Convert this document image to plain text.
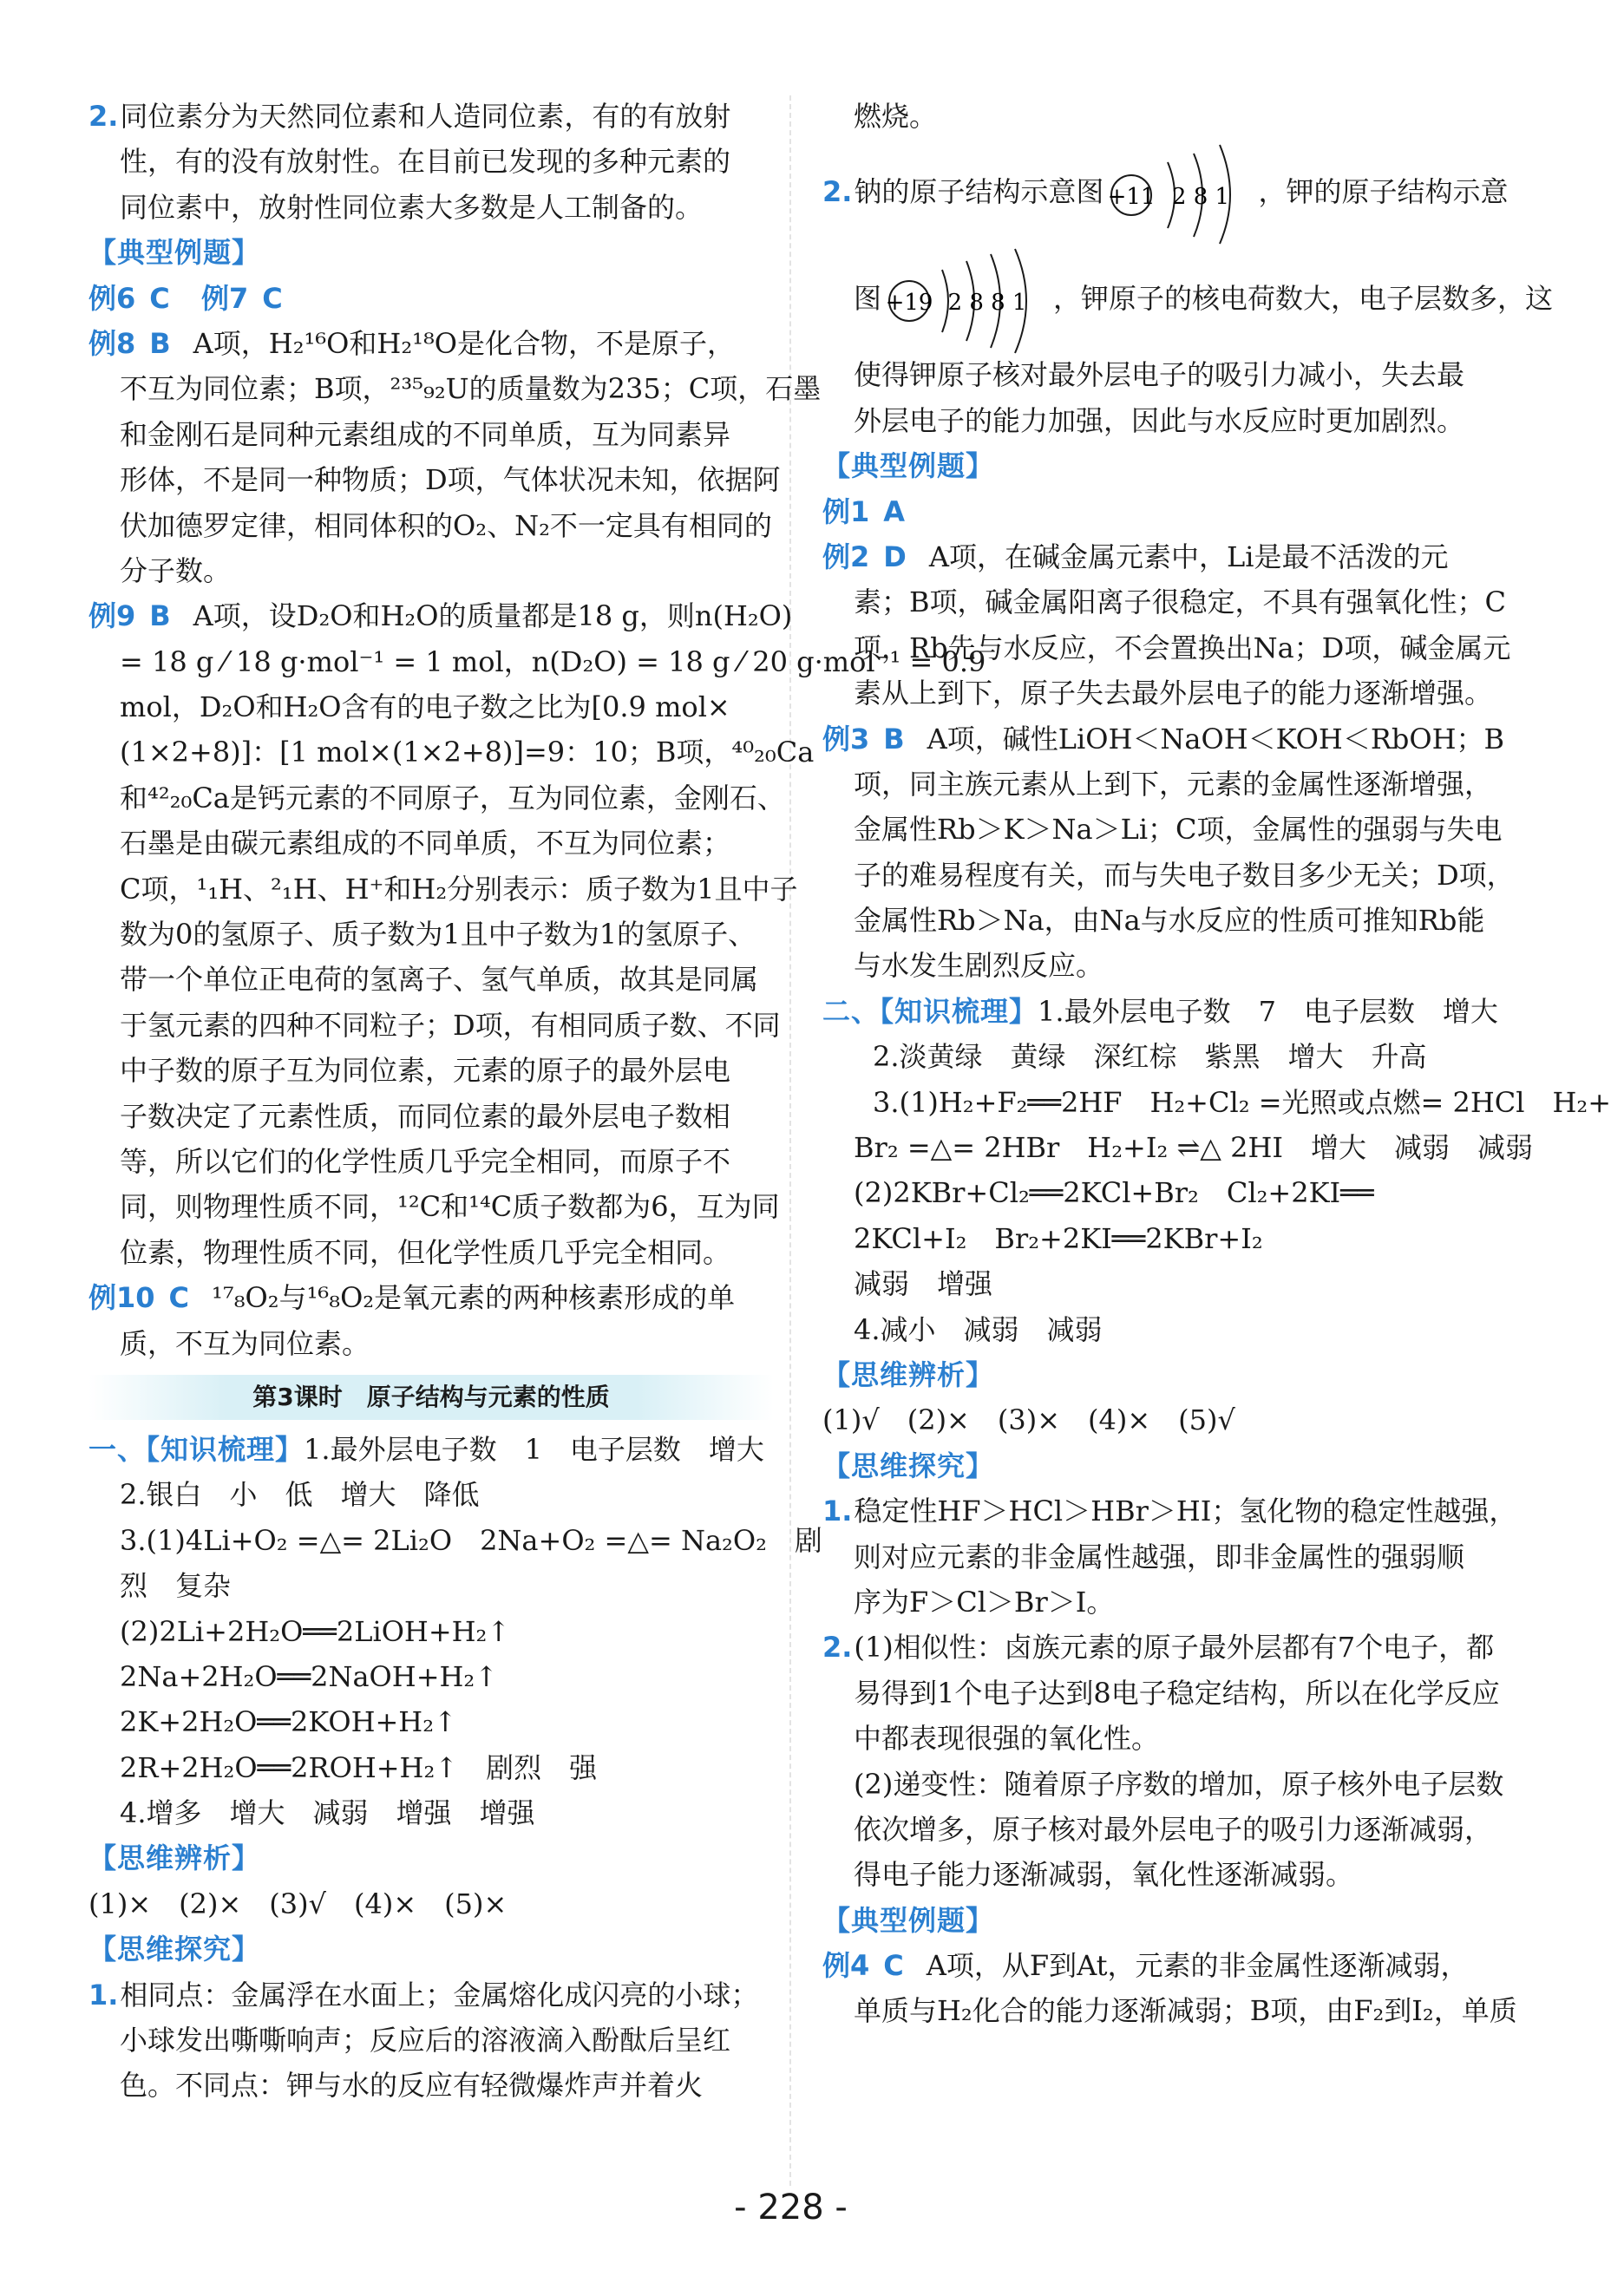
2.同位素分为天然同位素和人造同位素，有的有放射
性，有的没有放射性。在目前已发现的多种元素的
同位素中，放射性同位素大多数是人工制备的。
【典型例题】
例6 C 例7 C
例8 B A项，H₂¹⁶O和H₂¹⁸O是化合物，不是原子，
不互为同位素；B项，²³⁵₉₂U的质量数为235；C项，石墨
和金刚石是同种元素组成的不同单质，互为同素异
形体，不是同一种物质；D项，气体状况未知，依据阿
伏加德罗定律，相同体积的O₂、N₂不一定具有相同的
分子数。
例9 B A项，设D₂O和H₂O的质量都是18 g，则n(H₂O)
= 18 g ⁄ 18 g·mol⁻¹ = 1 mol，n(D₂O) = 18 g ⁄ 20 g·mol⁻¹ = 0.9
mol，D₂O和H₂O含有的电子数之比为[0.9 mol×
(1×2+8)]：[1 mol×(1×2+8)]=9：10；B项，⁴⁰₂₀Ca
和⁴²₂₀Ca是钙元素的不同原子，互为同位素，金刚石、
石墨是由碳元素组成的不同单质，不互为同位素；
C项，¹₁H、²₁H、H⁺和H₂分别表示：质子数为1且中子
数为0的氢原子、质子数为1且中子数为1的氢原子、
带一个单位正电荷的氢离子、氢气单质，故其是同属
于氢元素的四种不同粒子；D项，有相同质子数、不同
中子数的原子互为同位素，元素的原子的最外层电
子数决定了元素性质，而同位素的最外层电子数相
等，所以它们的化学性质几乎完全相同，而原子不
同，则物理性质不同，¹²C和¹⁴C质子数都为6，互为同
位素，物理性质不同，但化学性质几乎完全相同。
例10 C ¹⁷₈O₂与¹⁶₈O₂是氧元素的两种核素形成的单
质，不互为同位素。
第3课时　原子结构与元素的性质
一、【知识梳理】1.最外层电子数　1　电子层数　增大
2.银白　小　低　增大　降低
3.(1)4Li+O₂ =△= 2Li₂O　2Na+O₂ =△= Na₂O₂　剧
烈　复杂
(2)2Li+2H₂O══2LiOH+H₂↑
2Na+2H₂O══2NaOH+H₂↑
2K+2H₂O══2KOH+H₂↑
2R+2H₂O══2ROH+H₂↑　剧烈　强
4.增多　增大　减弱　增强　增强
【思维辨析】
(1)×　(2)×　(3)√　(4)×　(5)×
【思维探究】
1.相同点：金属浮在水面上；金属熔化成闪亮的小球；
小球发出嘶嘶响声；反应后的溶液滴入酚酞后呈红
色。不同点：钾与水的反应有轻微爆炸声并着火
燃烧。
2.钠的原子结构示意图 +11 2 8 1 ，钾的原子结构示意
图 +19 2 8 8 1 ，钾原子的核电荷数大，电子层数多，这
使得钾原子核对最外层电子的吸引力减小，失去最
外层电子的能力加强，因此与水反应时更加剧烈。
【典型例题】
例1 A
例2 D A项，在碱金属元素中，Li是最不活泼的元
素；B项，碱金属阳离子很稳定，不具有强氧化性；C
项，Rb先与水反应，不会置换出Na；D项，碱金属元
素从上到下，原子失去最外层电子的能力逐渐增强。
例3 B A项，碱性LiOH＜NaOH＜KOH＜RbOH；B
项，同主族元素从上到下，元素的金属性逐渐增强，
金属性Rb＞K＞Na＞Li；C项，金属性的强弱与失电
子的难易程度有关，而与失电子数目多少无关；D项，
金属性Rb＞Na，由Na与水反应的性质可推知Rb能
与水发生剧烈反应。
二、【知识梳理】1.最外层电子数　7　电子层数　增大
2.淡黄绿　黄绿　深红棕　紫黑　增大　升高
3.(1)H₂+F₂══2HF　H₂+Cl₂ =光照或点燃= 2HCl　H₂+
Br₂ =△= 2HBr　H₂+I₂ ⇌△ 2HI　增大　减弱　减弱
(2)2KBr+Cl₂══2KCl+Br₂　Cl₂+2KI══
2KCl+I₂　Br₂+2KI══2KBr+I₂
减弱　增强
4.减小　减弱　减弱
【思维辨析】
(1)√　(2)×　(3)×　(4)×　(5)√
【思维探究】
1.稳定性HF＞HCl＞HBr＞HI；氢化物的稳定性越强，
则对应元素的非金属性越强，即非金属性的强弱顺
序为F＞Cl＞Br＞I。
2.(1)相似性：卤族元素的原子最外层都有7个电子，都
易得到1个电子达到8电子稳定结构，所以在化学反应
中都表现很强的氧化性。
(2)递变性：随着原子序数的增加，原子核外电子层数
依次增多，原子核对最外层电子的吸引力逐渐减弱，
得电子能力逐渐减弱，氧化性逐渐减弱。
【典型例题】
例4 C A项，从F到At，元素的非金属性逐渐减弱，
单质与H₂化合的能力逐渐减弱；B项，由F₂到I₂，单质
- 228 -
